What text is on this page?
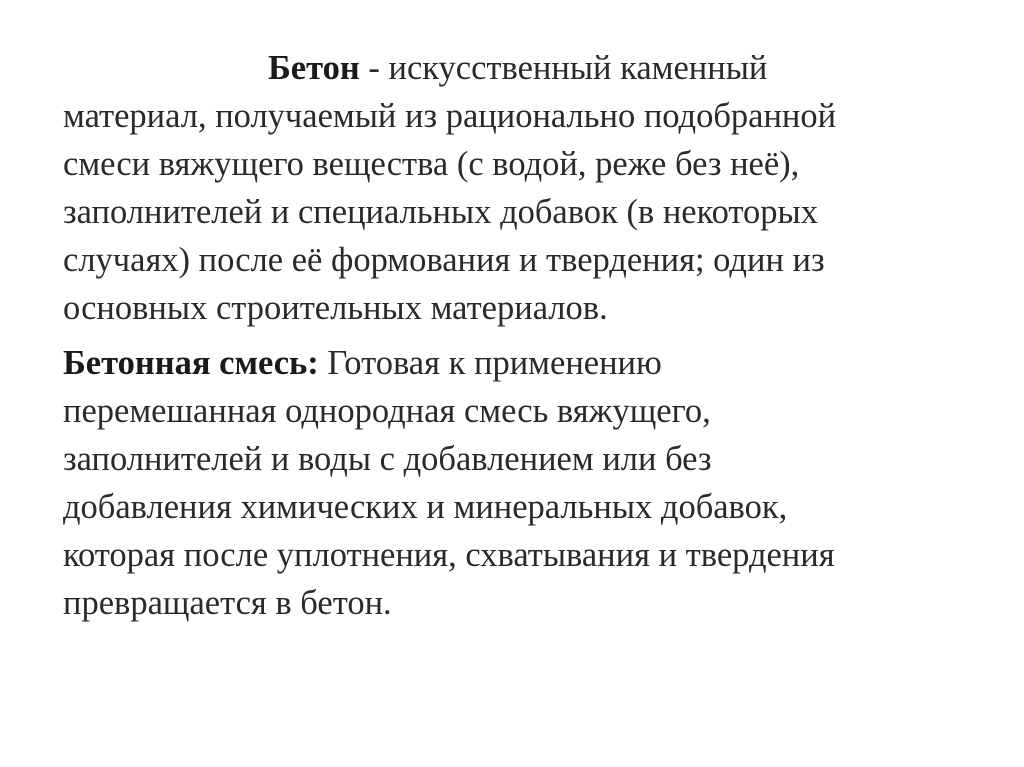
Бетон - искусственный каменный
материал, получаемый из рационально подобранной
смеси вяжущего вещества (с водой, реже без неё),
заполнителей и специальных добавок (в некоторых
случаях) после её формования и твердения; один из
основных строительных материалов.

Бетонная смесь: Готовая к применению
перемешанная однородная смесь вяжущего,
заполнителей и воды с добавлением или без
добавления химических и минеральных добавок,
которая после уплотнения, схватывания и твердения
превращается в бетон.
